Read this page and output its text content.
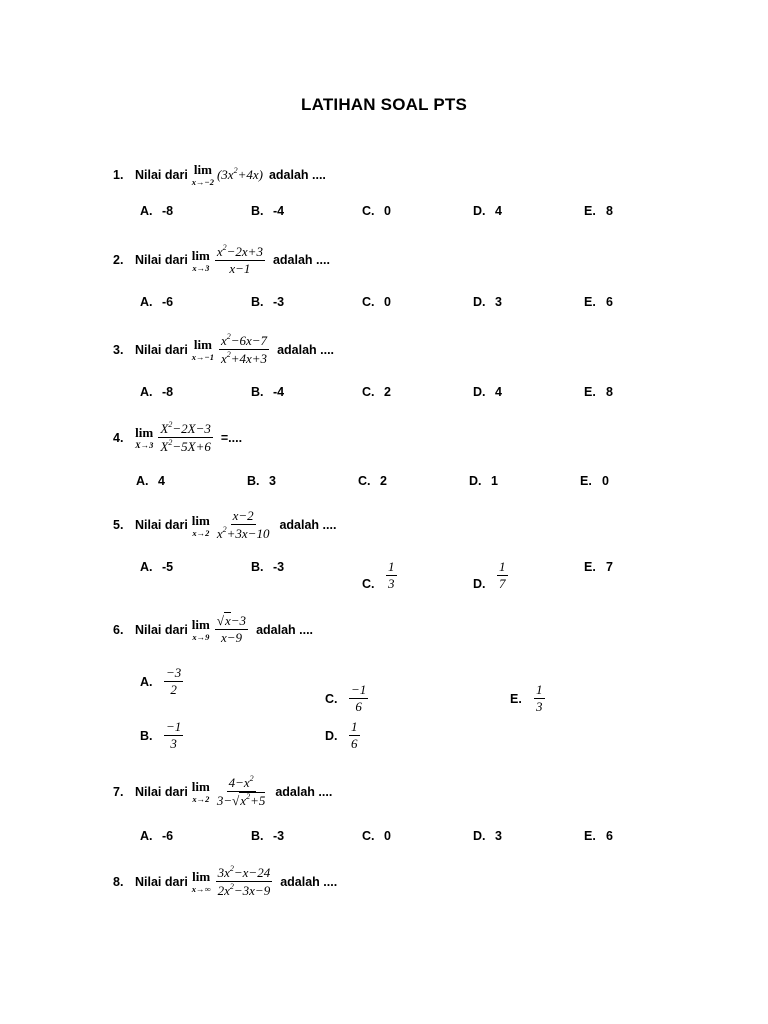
LATIHAN SOAL PTS
1. Nilai dari lim
x→−2 $(3x^2+4x)$ adalah ....
A. -8	B. -4	C. 0	D. 4	E. 8
2. Nilai dari lim
$x\to 3 \frac{x^2-2x+3}{x-1}$ adalah ....
A. -6	B. -3	C. 0	D. 3	E. 6
3. Nilai dari lim
$x\to-1 \frac{x^2-6x-7}{x^2+4x+3}$ adalah ....
A. -8	B. -4	C. 2	D. 4	E. 8
4. lim
$X\to 3 \frac{X^2-2X-3}{X^2-5X+6}$ =....
A. 4	B. 3	C. 2	D. 1	E. 0
5. Nilai dari lim
$x\to 2 \frac{x-2}{x^2+3x-10}$ adalah ....
A. -5	B. -3
C. $\frac{1}{3}$	D. $\frac{1}{7}$	E. 7
6. Nilai dari lim
$x\to 9 \frac{√x-3}{x-9}$ adalah ....
A. $\frac{-3}{2}$
B. $\frac{-1}{3}$
C. $\frac{-1}{6}$
D. $\frac{1}{6}$
E. $\frac{1}{3}$
7. Nilai dari lim
$x\to 2 \frac{4-x^2}{3-√x^2+5}$ adalah ....
A. -6	B. -3	C. 0	D. 3	E. 6
8. Nilai dari lim
$x\to\infty \frac{3x^2-x-24}{2x^2-3x-9}$ adalah ....
